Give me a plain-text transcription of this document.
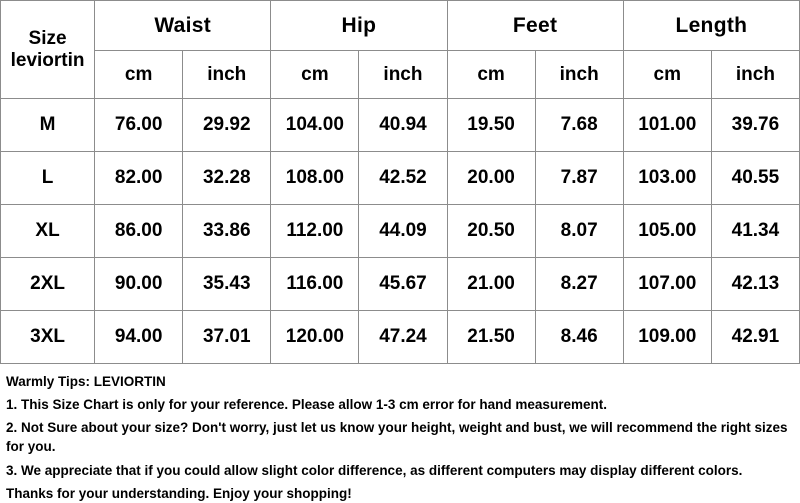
Size
leviortin	Waist		Hip		Feet		Length	
	cm	inch	cm	inch	cm	inch	cm	inch
M	76.00	29.92	104.00	40.94	19.50	7.68	101.00	39.76
L	82.00	32.28	108.00	42.52	20.00	7.87	103.00	40.55
XL	86.00	33.86	112.00	44.09	20.50	8.07	105.00	41.34
2XL	90.00	35.43	116.00	45.67	21.00	8.27	107.00	42.13
3XL	94.00	37.01	120.00	47.24	21.50	8.46	109.00	42.91

Warmly Tips: LEVIORTIN

1. This Size Chart is only for your reference. Please allow 1-3 cm error for hand measurement.

2. Not Sure about your size? Don't worry, just let us know your height, weight and bust, we will recommend the right sizes for you.

3. We appreciate that if you could allow slight color difference, as different computers may display different colors.

Thanks for your understanding. Enjoy your shopping!
